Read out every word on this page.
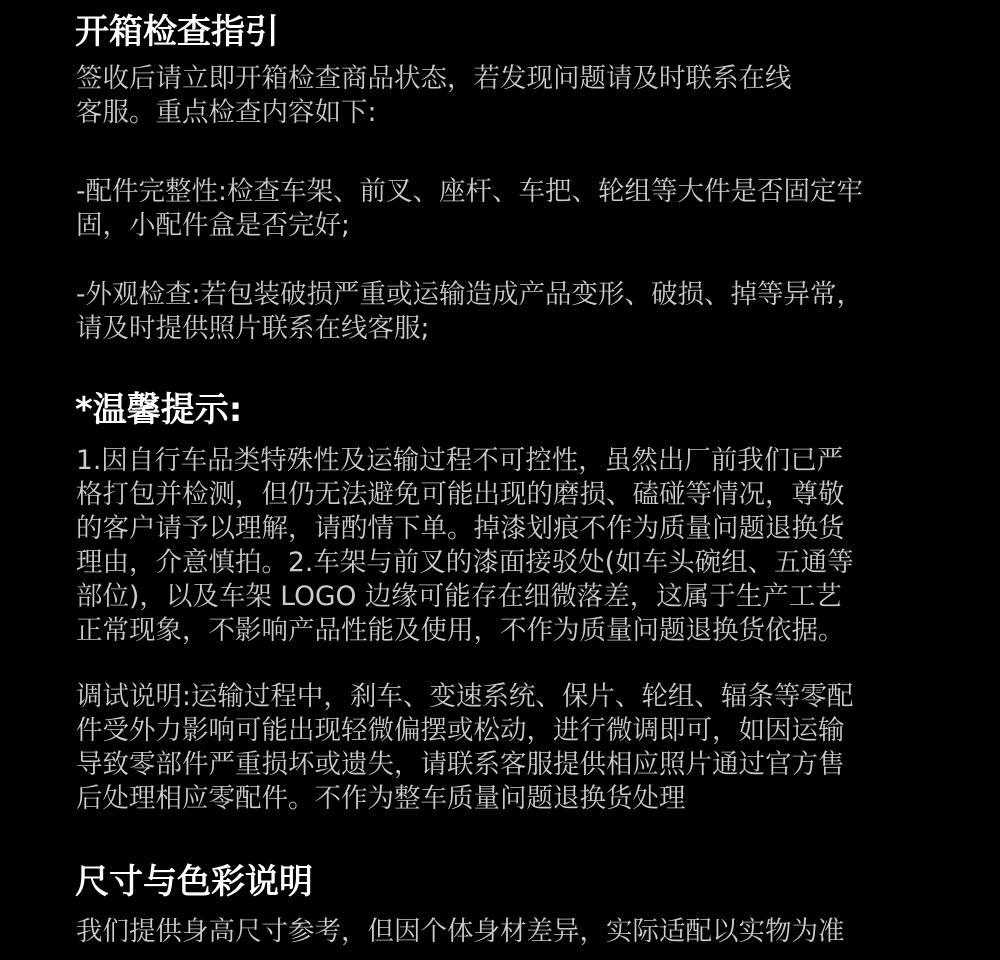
开箱检查指引
签收后请立即开箱检查商品状态，若发现问题请及时联系在线
客服。重点检查内容如下:
-配件完整性:检查车架、前叉、座杆、车把、轮组等大件是否固定牢
固，小配件盒是否完好;
-外观检查:若包装破损严重或运输造成产品变形、破损、掉等异常，
请及时提供照片联系在线客服;
*温馨提示:
1.因自行车品类特殊性及运输过程不可控性，虽然出厂前我们已严
格打包并检测，但仍无法避免可能出现的磨损、磕碰等情况，尊敬
的客户请予以理解，请酌情下单。掉漆划痕不作为质量问题退换货
理由，介意慎拍。2.车架与前叉的漆面接驳处(如车头碗组、五通等
部位)，以及车架 LOGO 边缘可能存在细微落差，这属于生产工艺
正常现象，不影响产品性能及使用，不作为质量问题退换货依据。
调试说明:运输过程中，刹车、变速系统、保片、轮组、辐条等零配
件受外力影响可能出现轻微偏摆或松动，进行微调即可，如因运输
导致零部件严重损坏或遗失，请联系客服提供相应照片通过官方售
后处理相应零配件。不作为整车质量问题退换货处理
尺寸与色彩说明
我们提供身高尺寸参考，但因个体身材差异，实际适配以实物为准
